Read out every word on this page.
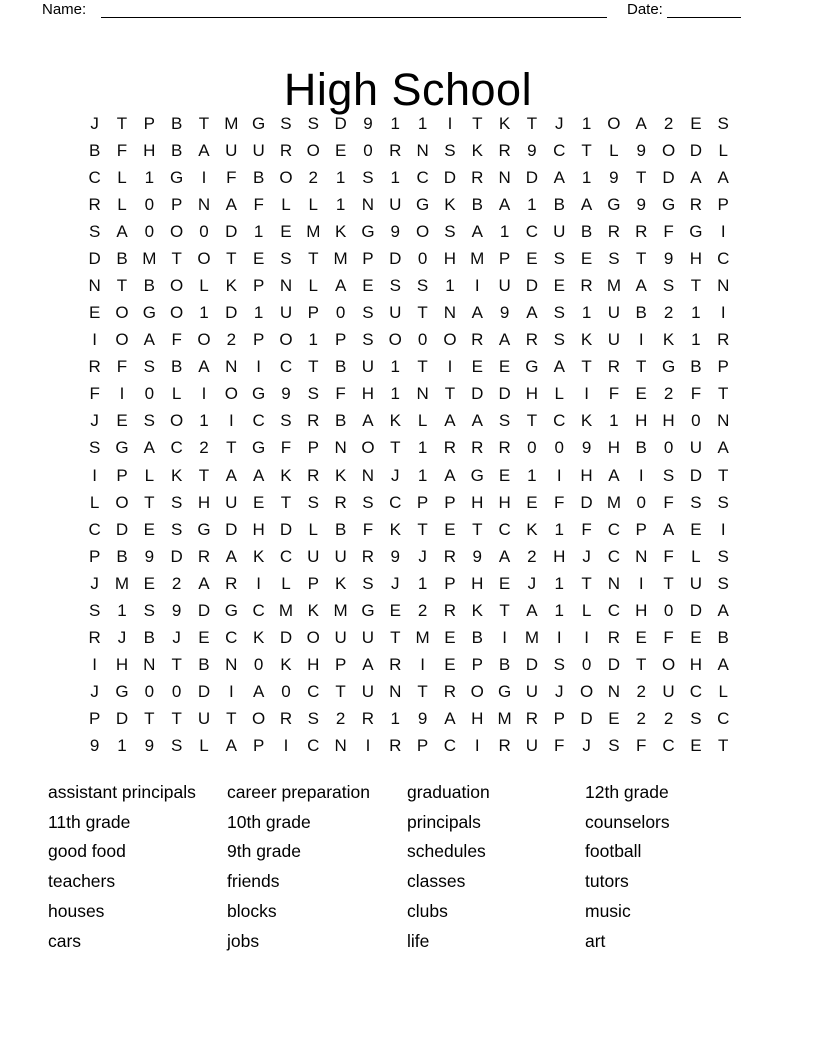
Name:	Date:
High School
J	T P B T M G S S D 9	1	1	I	T K T	J	1 O A 2 E S
B F H B A U U R O E 0 R N S K R 9 C T	L	9 O D L
C L	1 G	I	F B O 2	1 S 1 C D R N D A 1	9	T D A A
R L	0 P N A F	L	L	1 N U G K B A 1 B A G 9 G R P
S A 0 O 0 D 1 E M K G 9 O S A 1 C U B R R F G	I
D B M T O T E S T M P D 0 H M P E S E S T	9 H C
N T B O L K P N L A E S S 1	I	U D E R M A S T N
E O G O 1 D 1 U P 0 S U T N A 9 A S 1 U B 2	1	I
I	O A F O 2 P O 1 P S O 0 O R A R S K U	I	K 1 R
R F S B A N	I	C T B U 1	T	I	E E G A T R T G B P
F	I	0	L	I	O G 9 S F H 1 N T D D H L	I	F E 2	F T
J	E S O 1	I	C S R B A K L A A S T C K 1 H H 0 N
S G A C 2	T G F P N O T	1 R R R 0	0	9 H B 0 U A
I	P L K T A A K R K N J	1 A G E 1	I	H A	I	S D T
L O T S H U E T S R S C P P H H E F D M 0	F S S
C D E S G D H D L B F K T E T C K 1	F C P A E	I
P B 9 D R A K C U U R 9	J R 9 A 2 H J C N F	L S
J M E 2 A R	I	L P K S	J	1 P H E	J	1	T N	I	T U S
S 1 S 9 D G C M K M G E 2 R K T A 1	L C H 0 D A
R J	B	J	E C K D O U U T M E B	I	M	I	I	R E F E B
I	H N T B N 0 K H P A R	I	E P B D S 0 D T O H A
J G 0	0 D	I	A 0 C T U N T R O G U J O N 2 U C L
P D T T U T O R S 2 R 1	9 A H M R P D E 2	2 S C
9	1	9 S L A P	I	C N	I	R P C	I	R U F	J	S F C E T
assistant principals
11th grade
good food
teachers
houses
cars
career preparation
10th grade
9th grade
friends
blocks
jobs
graduation
principals
schedules
classes
clubs
life
12th grade
counselors
football
tutors
music
art
